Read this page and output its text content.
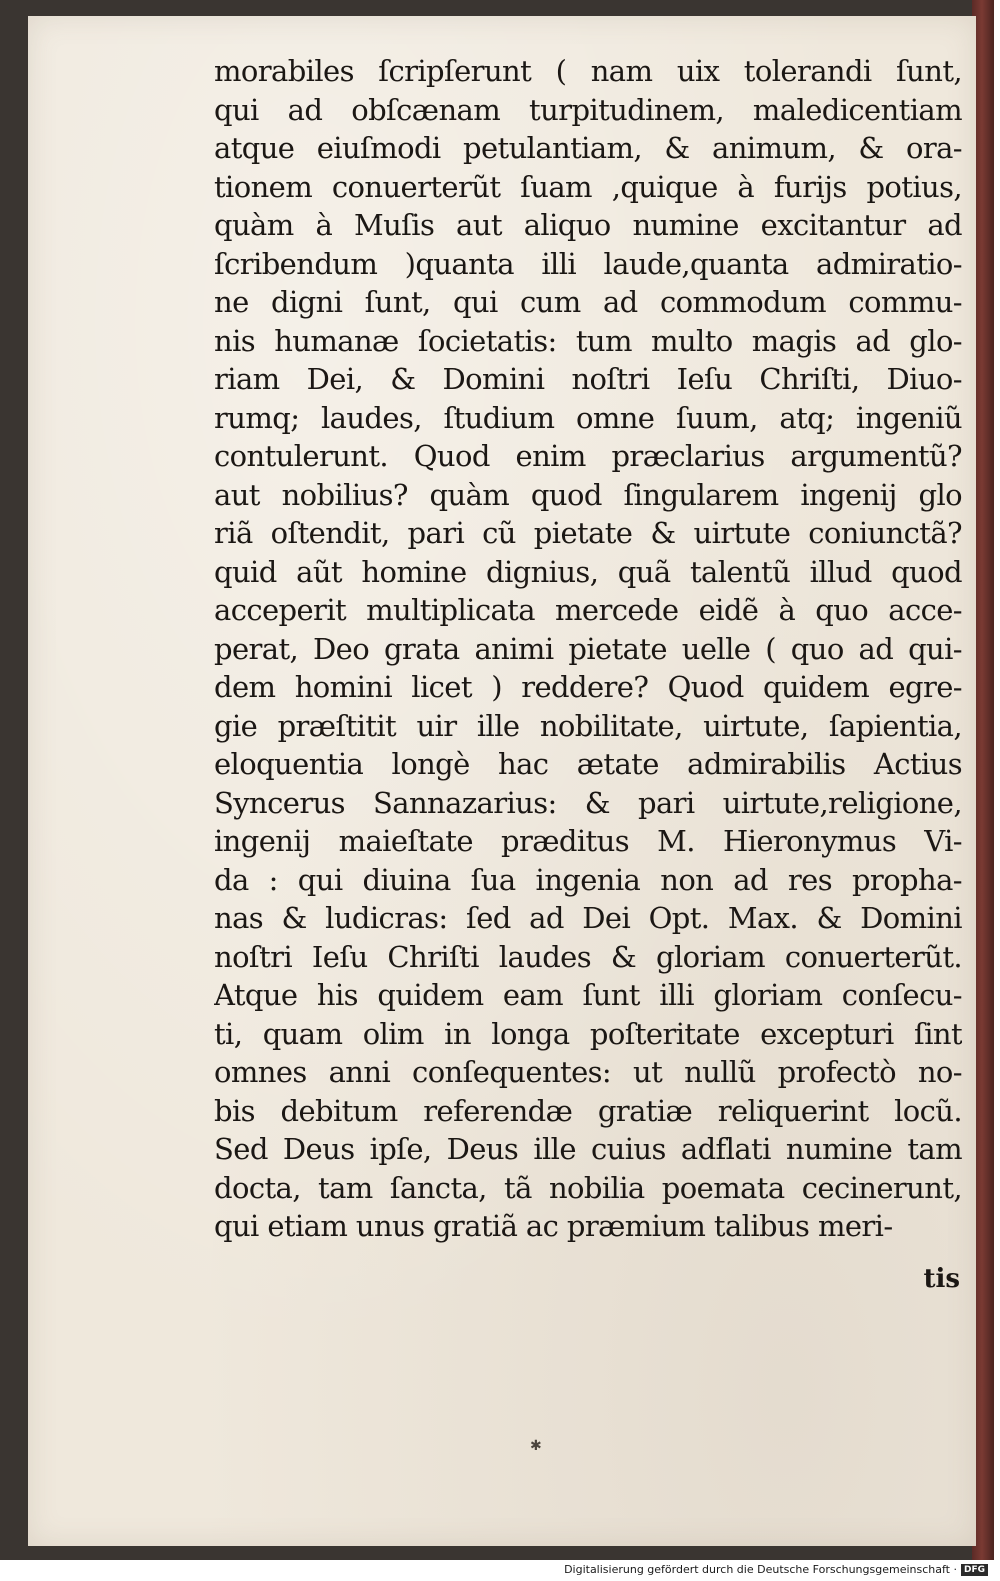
morabiles ſcripſerunt ( nam uix tolerandi ſunt,
qui ad obſcænam turpitudinem, maledicentiam
atque eiuſmodi petulantiam, & animum, & ora-
tionem conuerterũt ſuam ,quique à furijs potius,
quàm à Muſis aut aliquo numine excitantur ad
ſcribendum )quanta illi laude,quanta admiratio-
ne digni ſunt, qui cum ad commodum commu-
nis humanæ ſocietatis: tum multo magis ad glo-
riam Dei, & Domini noſtri Ieſu Chriſti, Diuo-
rumq; laudes, ſtudium omne ſuum, atq; ingeniũ
contulerunt. Quod enim præclarius argumentũ?
aut nobilius? quàm quod ſingularem ingenij glo
riã oſtendit, pari cũ pietate & uirtute coniunctã?
quid aũt homine dignius, quã talentũ illud quod
acceperit multiplicata mercede eidẽ à quo acce-
perat, Deo grata animi pietate uelle ( quo ad qui-
dem homini licet ) reddere? Quod quidem egre-
gie præſtitit uir ille nobilitate, uirtute, ſapientia,
eloquentia longè hac ætate admirabilis Actius
Syncerus Sannazarius: & pari uirtute,religione,
ingenij maieſtate præditus M. Hieronymus Vi-
da : qui diuina ſua ingenia non ad res propha-
nas & ludicras: ſed ad Dei Opt. Max. & Domini
noſtri Ieſu Chriſti laudes & gloriam conuerterũt.
Atque his quidem eam ſunt illi gloriam conſecu-
ti, quam olim in longa poſteritate excepturi ſint
omnes anni conſequentes: ut nullũ profectò no-
bis debitum referendæ gratiæ reliquerint locũ.
Sed Deus ipſe, Deus ille cuius adflati numine tam
docta, tam ſancta, tã nobilia poemata cecinerunt,
qui etiam unus gratiã ac præmium talibus meri-
tis
✱
Digitalisierung gefördert durch die Deutsche Forschungsgemeinschaft · DFG
